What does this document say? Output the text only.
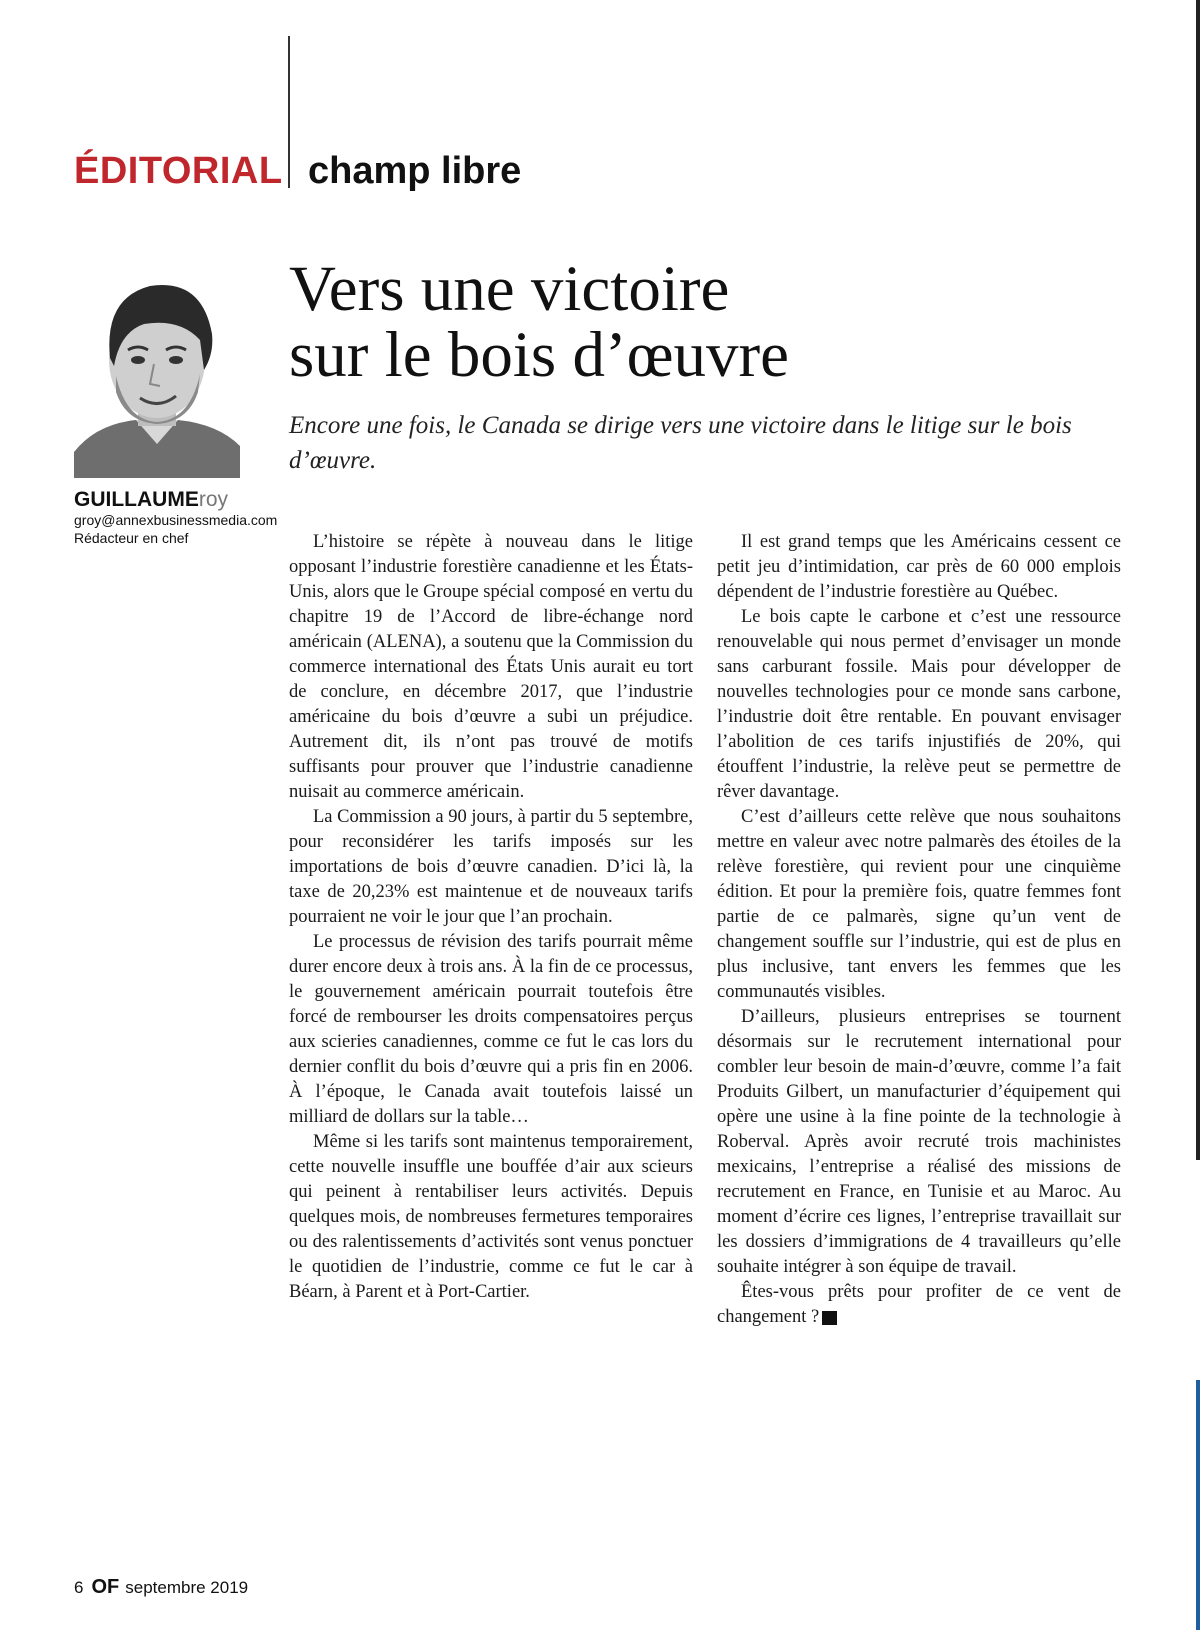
ÉDITORIAL champ libre
GUILLAUMEroy
groy@annexbusinessmedia.com
Rédacteur en chef
Vers une victoire
sur le bois d’œuvre

Encore une fois, le Canada se dirige vers une victoire dans le litige sur le bois d’œuvre.

L’histoire se répète à nouveau dans le litige opposant l’industrie forestière canadienne et les États-Unis, alors que le Groupe spécial composé en vertu du chapitre 19 de l’Accord de libre-échange nord américain (ALENA), a soutenu que la Commission du commerce international des États Unis aurait eu tort de conclure, en décembre 2017, que l’industrie américaine du bois d’œuvre a subi un préjudice. Autrement dit, ils n’ont pas trouvé de motifs suffisants pour prouver que l’industrie canadienne nuisait au commerce américain.

La Commission a 90 jours, à partir du 5 septembre, pour reconsidérer les tarifs imposés sur les importations de bois d’œuvre canadien. D’ici là, la taxe de 20,23% est maintenue et de nouveaux tarifs pourraient ne voir le jour que l’an prochain.

Le processus de révision des tarifs pourrait même durer encore deux à trois ans. À la fin de ce processus, le gouvernement américain pourrait toutefois être forcé de rembourser les droits compensatoires perçus aux scieries canadiennes, comme ce fut le cas lors du dernier conflit du bois d’œuvre qui a pris fin en 2006. À l’époque, le Canada avait toutefois laissé un milliard de dollars sur la table…

Même si les tarifs sont maintenus temporairement, cette nouvelle insuffle une bouffée d’air aux scieurs qui peinent à rentabiliser leurs activités. Depuis quelques mois, de nombreuses fermetures temporaires ou des ralentissements d’activités sont venus ponctuer le quotidien de l’industrie, comme ce fut le car à Béarn, à Parent et à Port-Cartier.

Il est grand temps que les Américains cessent ce petit jeu d’intimidation, car près de 60 000 emplois dépendent de l’industrie forestière au Québec.

Le bois capte le carbone et c’est une ressource renouvelable qui nous permet d’envisager un monde sans carburant fossile. Mais pour développer de nouvelles technologies pour ce monde sans carbone, l’industrie doit être rentable. En pouvant envisager l’abolition de ces tarifs injustifiés de 20%, qui étouffent l’industrie, la relève peut se permettre de rêver davantage.

C’est d’ailleurs cette relève que nous souhaitons mettre en valeur avec notre palmarès des étoiles de la relève forestière, qui revient pour une cinquième édition. Et pour la première fois, quatre femmes font partie de ce palmarès, signe qu’un vent de changement souffle sur l’industrie, qui est de plus en plus inclusive, tant envers les femmes que les communautés visibles.

D’ailleurs, plusieurs entreprises se tournent désormais sur le recrutement international pour combler leur besoin de main-d’œuvre, comme l’a fait Produits Gilbert, un manufacturier d’équipement qui opère une usine à la fine pointe de la technologie à Roberval. Après avoir recruté trois machinistes mexicains, l’entreprise a réalisé des missions de recrutement en France, en Tunisie et au Maroc. Au moment d’écrire ces lignes, l’entreprise travaillait sur les dossiers d’immigrations de 4 travailleurs qu’elle souhaite intégrer à son équipe de travail.

Êtes-vous prêts pour profiter de ce vent de changement ?	OF

6 OF septembre 2019
